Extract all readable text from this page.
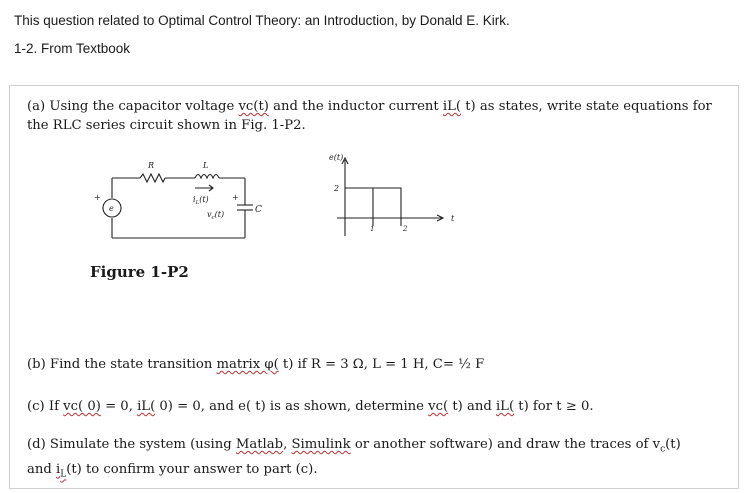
This question related to Optimal Control Theory: an Introduction, by Donald E. Kirk.
1-2. From Textbook
(a) Using the capacitor voltage vc(t) and the inductor current iL( t) as states, write state equations for the RLC series circuit shown in Fig. 1-P2.
R	L
$i_L(t)$	+
$v_c(t)$	C
+
e
e(t)
2
1	2
t
Figure 1-P2
(b) Find the state transition matrix φ( t) if R = 3 Ω, L = 1 H, C= ½ F
(c) If vc( 0) = 0, iL( 0) = 0, and e( t) is as shown, determine vc( t) and iL( t) for t ≥ 0.
(d) Simulate the system (using Matlab, Simulink or another software) and draw the traces of $v_c(t)$
and $i_L(t)$ to confirm your answer to part (c).
